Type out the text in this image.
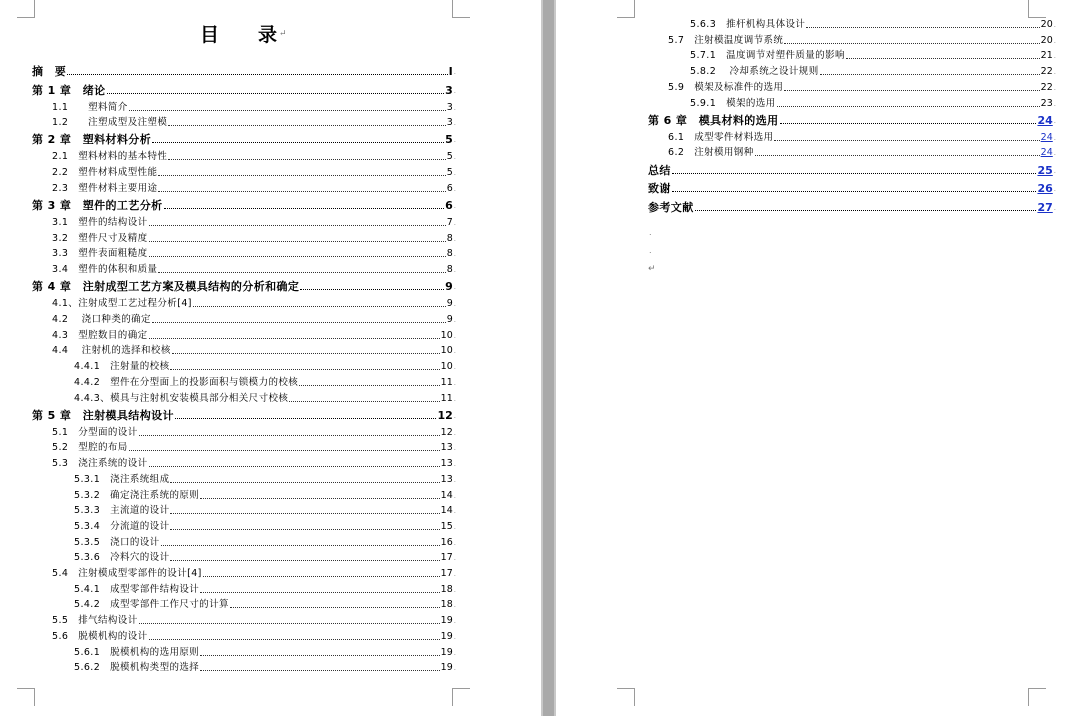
目 录 ↵
摘　要	I .
第 1 章　绪论	3 .
1.1　　塑料简介	3 .
1.2　　注塑成型及注塑模	3 .
第 2 章　塑料材料分析	5 .
2.1　塑料材料的基本特性	5 .
2.2　塑件材料成型性能	5 .
2.3　塑件材料主要用途	6 .
第 3 章　塑件的工艺分析	6 .
3.1　塑件的结构设计	7 .
3.2　塑件尺寸及精度	8 .
3.3　塑件表面粗糙度	8 .
3.4　塑件的体积和质量	8 .
第 4 章　注射成型工艺方案及模具结构的分析和确定	9 .
4.1、注射成型工艺过程分析[4]	9 .
4.2　 浇口种类的确定	9 .
4.3　型腔数目的确定	10 .
4.4　 注射机的选择和校核	10 .
4.4.1　注射量的校核	10 .
4.4.2　塑件在分型面上的投影面积与锁模力的校核	11 .
4.4.3、模具与注射机安装模具部分相关尺寸校核	11 .
第 5 章　注射模具结构设计	12 .
5.1　分型面的设计	12 .
5.2　型腔的布局	13 .
5.3　浇注系统的设计	13 .
5.3.1　浇注系统组成	13 .
5.3.2　确定浇注系统的原则	14 .
5.3.3　主流道的设计	14 .
5.3.4　分流道的设计	15 .
5.3.5　浇口的设计	16 .
5.3.6　冷料穴的设计	17 .
5.4　注射模成型零部件的设计[4]	17 .
5.4.1　成型零部件结构设计	18 .
5.4.2　成型零部件工作尺寸的计算	18 .
5.5　排气结构设计	19 .
5.6　脱模机构的设计	19 .
5.6.1　脱模机构的选用原则	19 .
5.6.2　脱模机构类型的选择	19 .
5.6.3　推杆机构具体设计	20 .
5.7　注射模温度调节系统	20 .
5.7.1　温度调节对塑件质量的影响	21 .
5.8.2　 冷却系统之设计规则	22 .
5.9　模架及标准件的选用	22 .
5.9.1　模架的选用	23 .
第 6 章　模具材料的选用	24 .
6.1　成型零件材料选用	24 .
6.2　注射模用钢种	24 .
总结	25 .
致谢	26 .
参考文献	27 .
.
.
↵
